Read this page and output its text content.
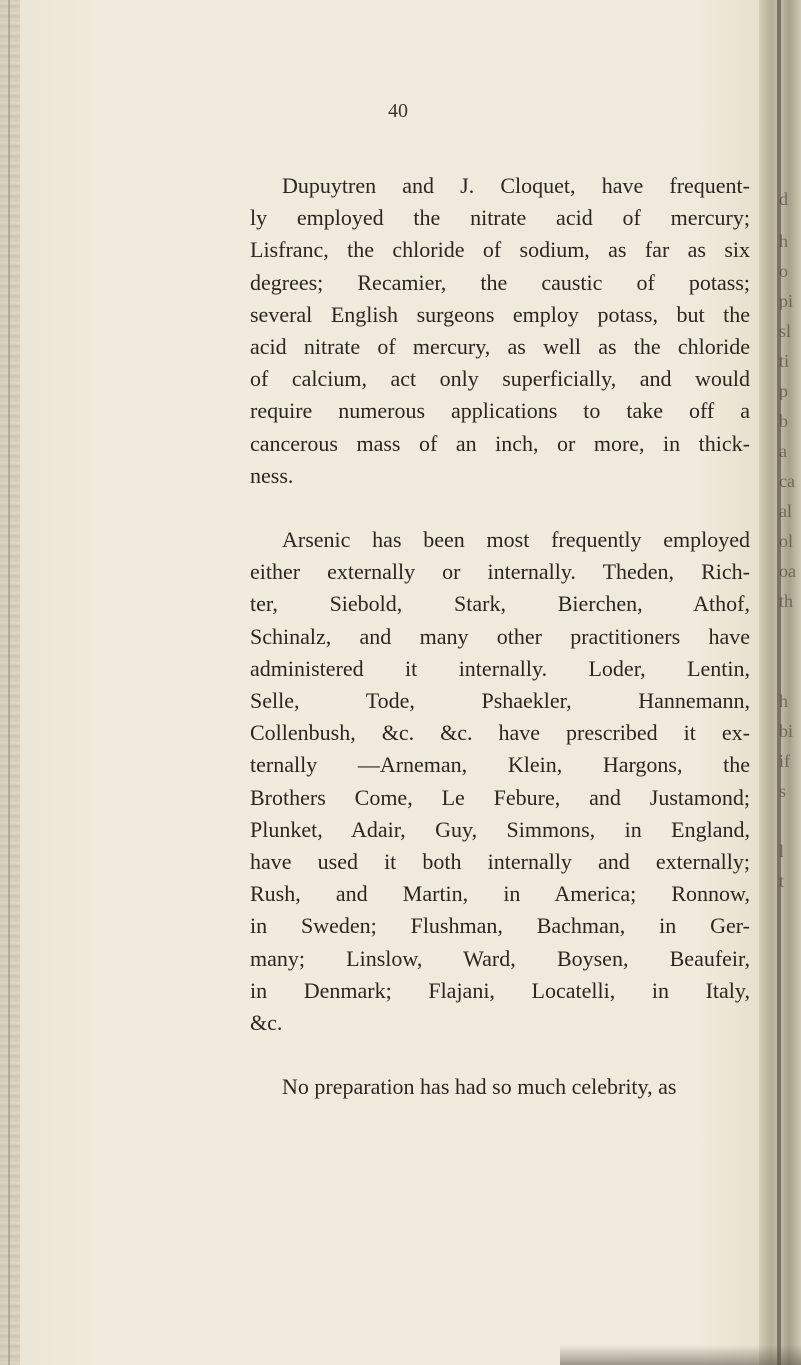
d
h
o
pi
sl
ti
p
b
a
ca
al
ol
oa
th
h
bi
if
s
l
t
40

Dupuytren and J. Cloquet, have frequent-
ly employed the nitrate acid of mercury;
Lisfranc, the chloride of sodium, as far as six
degrees; Recamier, the caustic of potass;
several English surgeons employ potass, but the
acid nitrate of mercury, as well as the chloride
of calcium, act only superficially, and would
require numerous applications to take off a
cancerous mass of an inch, or more, in thick-
ness.

Arsenic has been most frequently employed
either externally or internally. Theden, Rich-
ter, Siebold, Stark, Bierchen, Athof,
Schinalz, and many other practitioners have
administered it internally. Loder, Lentin,
Selle, Tode, Pshaekler, Hannemann,
Collenbush, &c. &c. have prescribed it ex-
ternally —Arneman, Klein, Hargons, the
Brothers Come, Le Febure, and Justamond;
Plunket, Adair, Guy, Simmons, in England,
have used it both internally and externally;
Rush, and Martin, in America; Ronnow,
in Sweden; Flushman, Bachman, in Ger-
many; Linslow, Ward, Boysen, Beaufeir,
in Denmark; Flajani, Locatelli, in Italy,
&c.

No preparation has had so much celebrity, as
